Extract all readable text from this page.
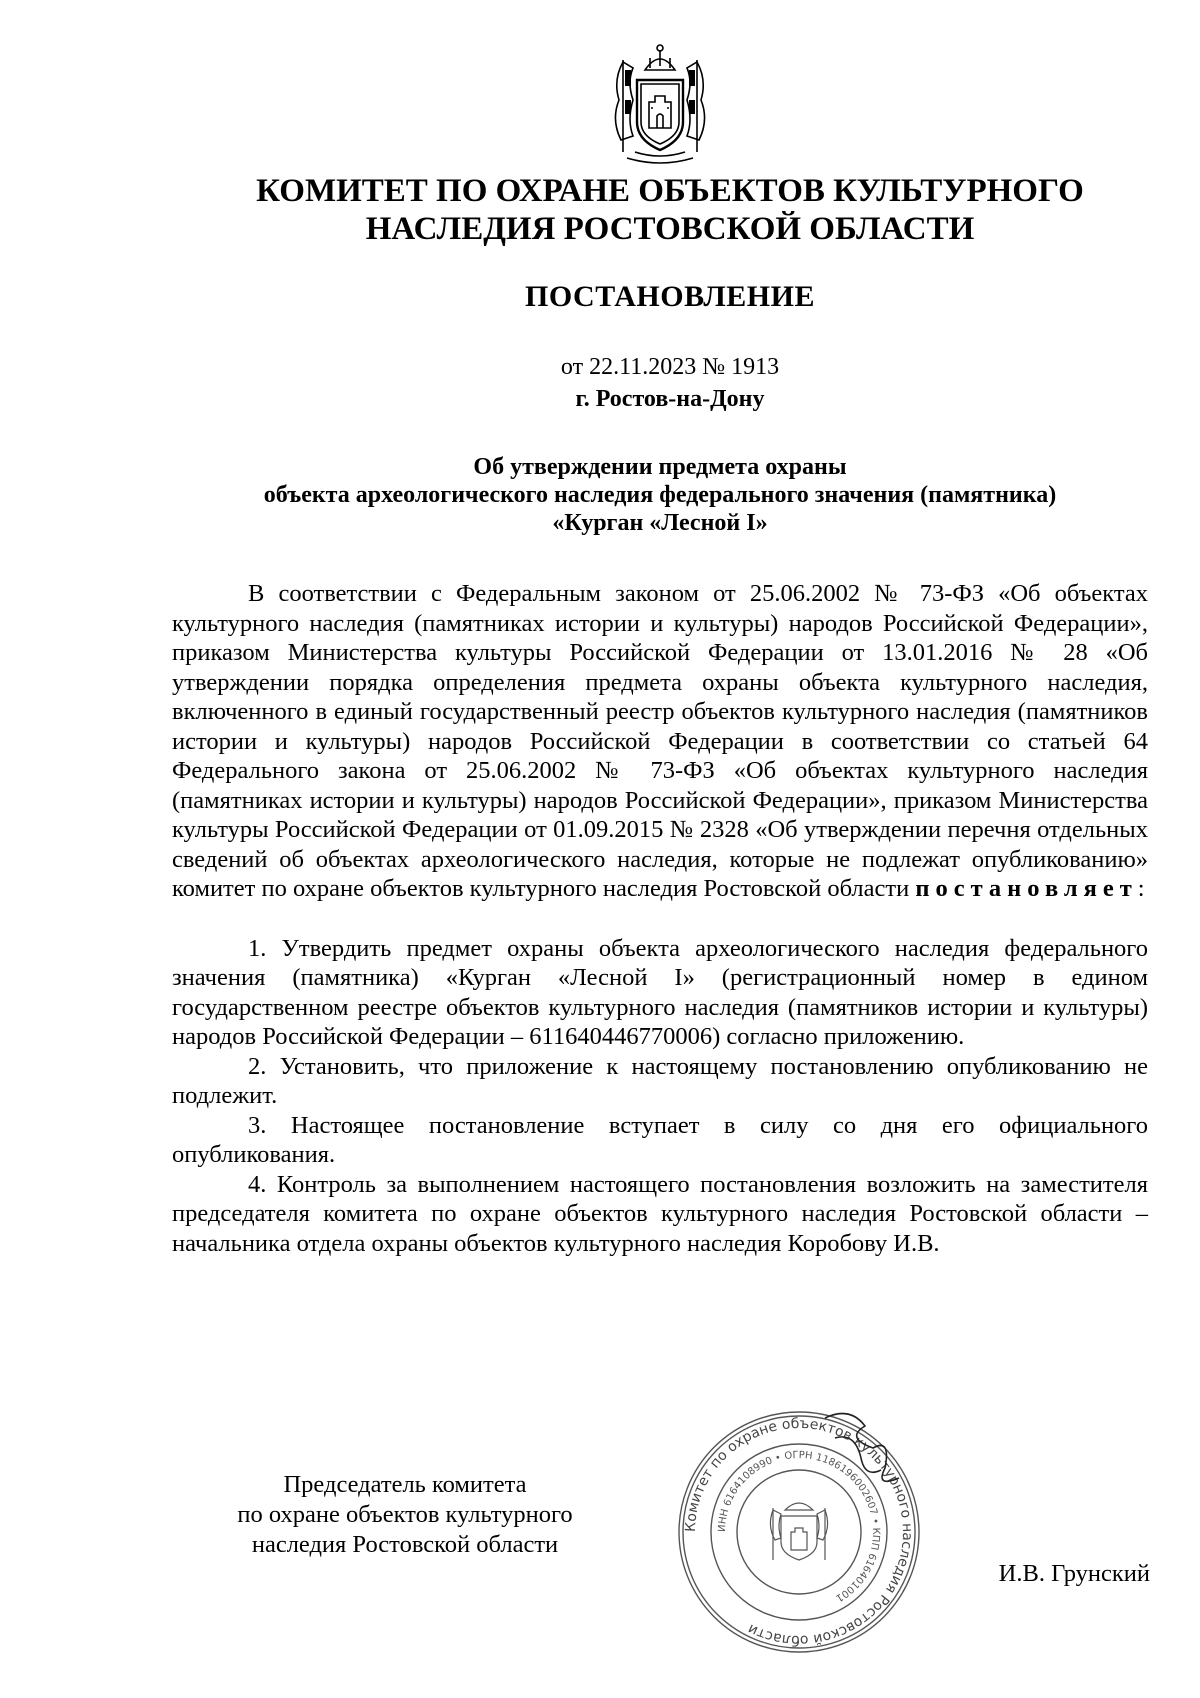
КОМИТЕТ ПО ОХРАНЕ ОБЪЕКТОВ КУЛЬТУРНОГО
НАСЛЕДИЯ РОСТОВСКОЙ ОБЛАСТИ
ПОСТАНОВЛЕНИЕ
от 22.11.2023 № 1913
г. Ростов-на-Дону
Об утверждении предмета охраны
объекта археологического наследия федерального значения (памятника)
«Курган «Лесной I»

В соответствии с Федеральным законом от 25.06.2002 № 73-ФЗ «Об объектах культурного наследия (памятниках истории и культуры) народов Российской Федерации», приказом Министерства культуры Российской Федерации от 13.01.2016 № 28 «Об утверждении порядка определения предмета охраны объекта культурного наследия, включенного в единый государственный реестр объектов культурного наследия (памятников истории и культуры) народов Российской Федерации в соответствии со статьей 64 Федерального закона от 25.06.2002 № 73-ФЗ «Об объектах культурного наследия (памятниках истории и культуры) народов Российской Федерации», приказом Министерства культуры Российской Федерации от 01.09.2015 № 2328 «Об утверждении перечня отдельных сведений об объектах археологического наследия, которые не подлежат опубликованию» комитет по охране объектов культурного наследия Ростовской области постановляет:

1. Утвердить предмет охраны объекта археологического наследия федерального значения (памятника) «Курган «Лесной I» (регистрационный номер в едином государственном реестре объектов культурного наследия (памятников истории и культуры) народов Российской Федерации – 611640446770006) согласно приложению.

2. Установить, что приложение к настоящему постановлению опубликованию не подлежит.

3. Настоящее постановление вступает в силу со дня его официального опубликования.

4. Контроль за выполнением настоящего постановления возложить на заместителя председателя комитета по охране объектов культурного наследия Ростовской области – начальника отдела охраны объектов культурного наследия Коробову И.В.

Председатель комитета
по охране объектов культурного
наследия Ростовской области
Комитет по охране объектов культурного наследия Ростовской области
ИНН 6164108990 • ОГРН 1186196002607 • КПП 616401001
И.В. Грунский
